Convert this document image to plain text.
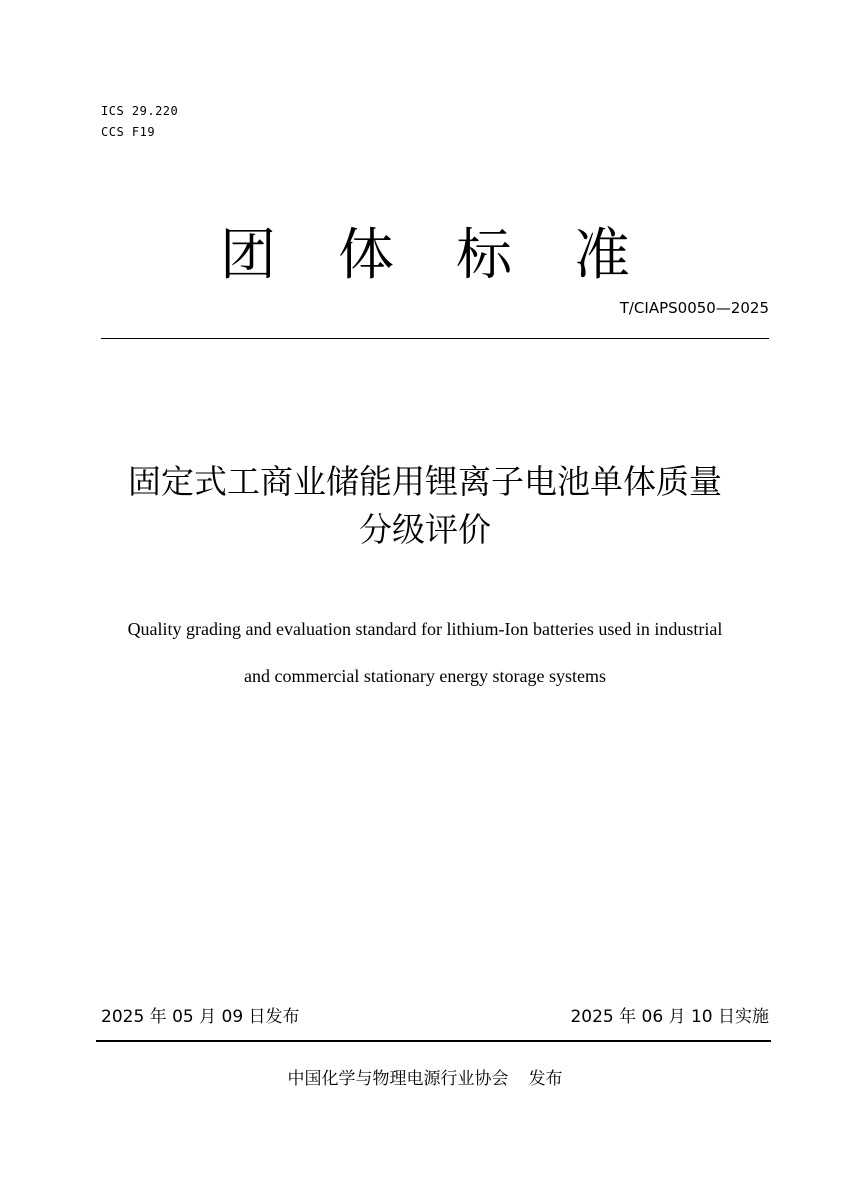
ICS 29.220
CCS F19
团体标准
T/CIAPS0050—2025
固定式工商业储能用锂离子电池单体质量
分级评价
Quality grading and evaluation standard for lithium-Ion batteries used in industrial
and commercial stationary energy storage systems
2025 年 05 月 09 日发布	2025 年 06 月 10 日实施
中国化学与物理电源行业协会 发布
